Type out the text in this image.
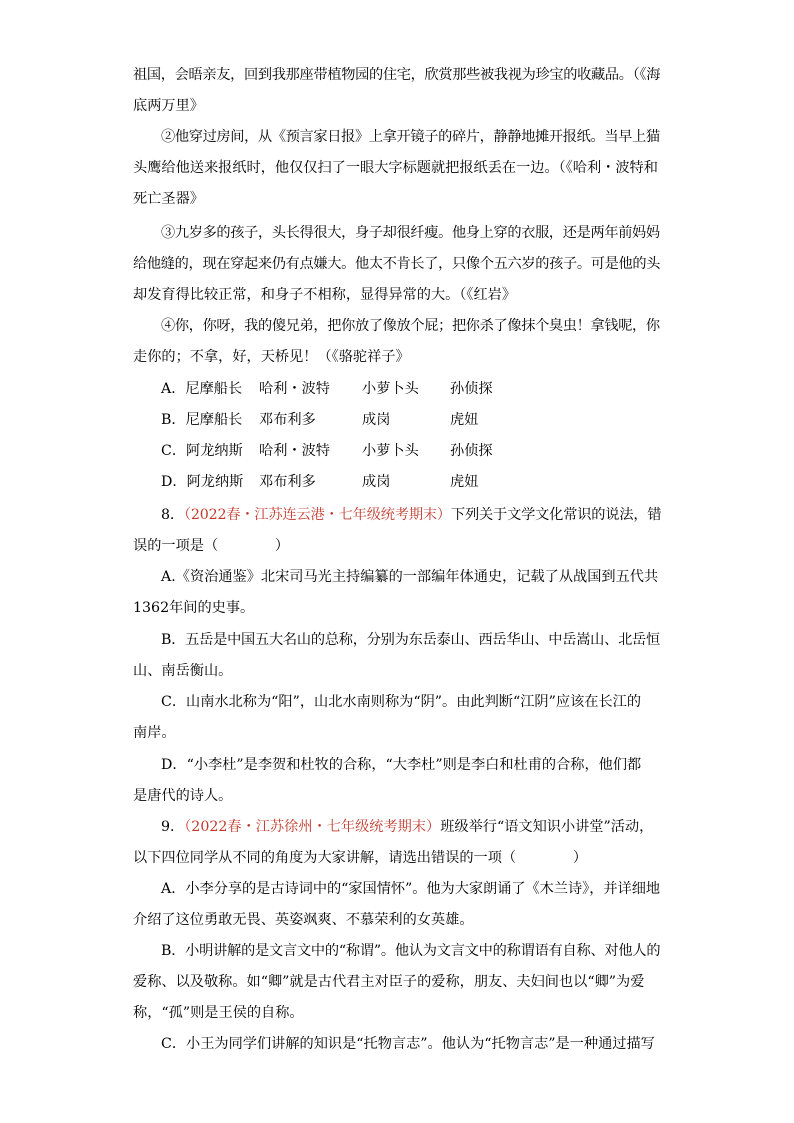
祖国，会晤亲友，回到我那座带植物园的住宅，欣赏那些被我视为珍宝的收藏品。（《海
底两万里》
②他穿过房间，从《预言家日报》上拿开镜子的碎片，静静地摊开报纸。当早上猫
头鹰给他送来报纸时，他仅仅扫了一眼大字标题就把报纸丢在一边。（《哈利・波特和
死亡圣器》
③九岁多的孩子，头长得很大，身子却很纤瘦。他身上穿的衣服，还是两年前妈妈
给他缝的，现在穿起来仍有点嫌大。他太不肯长了，只像个五六岁的孩子。可是他的头
却发育得比较正常，和身子不相称，显得异常的大。（《红岩》
④你，你呀，我的傻兄弟，把你放了像放个屁；把你杀了像抹个臭虫！拿钱呢，你
走你的；不拿，好，天桥见！（《骆驼祥子》
A．尼摩船长 哈利・波特 小萝卜头 孙侦探
B．尼摩船长 邓布利多	成岗	虎妞
C．阿龙纳斯 哈利・波特 小萝卜头 孙侦探
D．阿龙纳斯 邓布利多	成岗	虎妞
8．（2022春・江苏连云港・七年级统考期末）下列关于文学文化常识的说法，错
误的一项是（　　　　）
A.《资治通鉴》北宋司马光主持编纂的一部编年体通史，记载了从战国到五代共
1362年间的史事。
B．五岳是中国五大名山的总称，分别为东岳泰山、西岳华山、中岳嵩山、北岳恒
山、南岳衡山。
C．山南水北称为“阳”，山北水南则称为“阴”。由此判断“江阴”应该在长江的
南岸。
D．“小李杜”是李贺和杜牧的合称，“大李杜”则是李白和杜甫的合称，他们都
是唐代的诗人。
9．（2022春・江苏徐州・七年级统考期末）班级举行“语文知识小讲堂”活动，
以下四位同学从不同的角度为大家讲解，请选出错误的一项（　　　　）
A．小李分享的是古诗词中的“家国情怀”。他为大家朗诵了《木兰诗》，并详细地
介绍了这位勇敢无畏、英姿飒爽、不慕荣利的女英雄。
B．小明讲解的是文言文中的“称谓”。他认为文言文中的称谓语有自称、对他人的
爱称、以及敬称。如“卿”就是古代君主对臣子的爱称，朋友、夫妇间也以“卿”为爱
称，“孤”则是王侯的自称。
C．小王为同学们讲解的知识是“托物言志”。他认为“托物言志”是一种通过描写
